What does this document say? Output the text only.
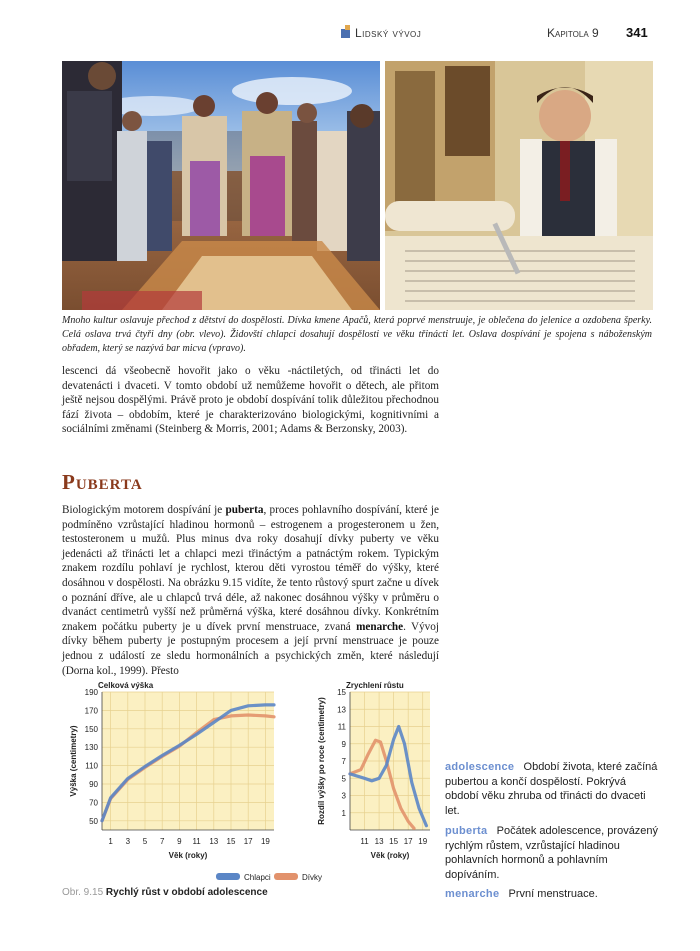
Lidský vývoj	Kapitola 9 341
Mnoho kultur oslavuje přechod z dětství do dospělosti. Dívka kmene Apačů, která poprvé menstruuje, je oblečena do jelenice a ozdobena šperky. Celá oslava trvá čtyři dny (obr. vlevo). Židovští chlapci dosahují dospělosti ve věku třinácti let. Oslava dospívání je spojena s náboženským obřadem, který se nazývá bar micva (vpravo).
lescenci dá všeobecně hovořit jako o věku -náctiletých, od třinácti let do devatenácti i dvaceti. V tomto období už nemůžeme hovořit o dětech, ale přitom ještě nejsou dospělými. Právě proto je období dospívání tolik důležitou přechodnou fází života – obdobím, které je charakterizováno biologickými, kognitivními a sociálními změnami (Steinberg & Morris, 2001; Adams & Berzonsky, 2003).
Puberta
Biologickým motorem dospívání je puberta, proces pohlavního dospívání, které je podmíněno vzrůstající hladinou hormonů – estrogenem a progesteronem u žen, testosteronem u mužů. Plus minus dva roky dosahují dívky puberty ve věku jedenácti až třinácti let a chlapci mezi třináctým a patnáctým rokem. Typickým znakem rozdílu pohlaví je rychlost, kterou děti vyrostou téměř do výšky, které dosáhnou v dospělosti. Na obrázku 9.15 vidíte, že tento růstový spurt začne u dívek o poznání dříve, ale u chlapců trvá déle, až nakonec dosáhnou výšky v průměru o dvanáct centimetrů vyšší než průměrná výška, které dosáhnou dívky. Konkrétním znakem počátku puberty je u dívek první menstruace, zvaná menarche. Vývoj dívky během puberty je postupným procesem a její první menstruace je pouze jednou z událostí ze sledu hormonálních a psychických změn, které následují (Dorna kol., 1999). Přesto
50
70
90
110
130
150
170
190
1 3 5 7 9 11 13 15 17 19
Celková výška
Věk (roky)
Výška (centimetry)
1
3
5
7
9
11
13
15
11 13 15 17 19
Zrychlení růstu
Věk (roky)
Rozdíl výšky po roce (centimetry)
Chlapci	Dívky
Obr. 9.15 Rychlý růst v období adolescence
adolescence Období života, které začíná pubertou a končí dospělostí. Pokrývá období věku zhruba od třinácti do dvaceti let.
puberta Počátek adolescence, provázený rychlým růstem, vzrůstající hladinou pohlavních hormonů a pohlavním dopíváním.
menarche První menstruace.
